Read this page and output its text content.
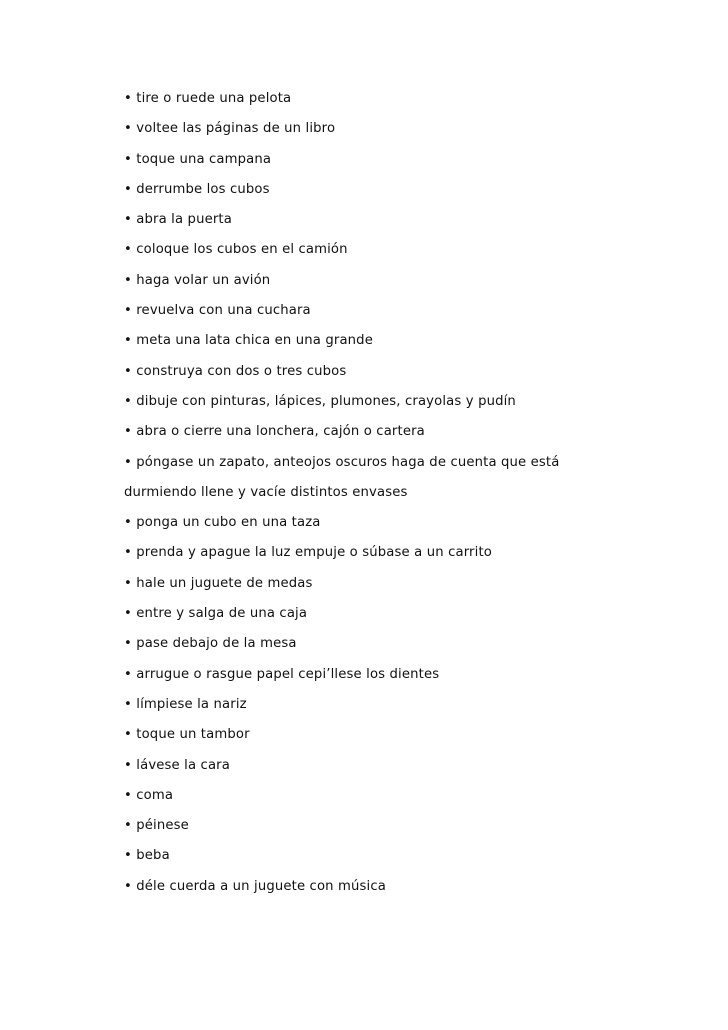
• tire o ruede una pelota
• voltee las páginas de un libro
• toque una campana
• derrumbe los cubos
• abra la puerta
• coloque los cubos en el camión
• haga volar un avión
• revuelva con una cuchara
• meta una lata chica en una grande
• construya con dos o tres cubos
• dibuje con pinturas, lápices, plumones, crayolas y pudín
• abra o cierre una lonchera, cajón o cartera
• póngase un zapato, anteojos oscuros haga de cuenta que está
durmiendo llene y vacíe distintos envases
• ponga un cubo en una taza
• prenda y apague la luz empuje o súbase a un carrito
• hale un juguete de medas
• entre y salga de una caja
• pase debajo de la mesa
• arrugue o rasgue papel cepi’llese los dientes
• límpiese la nariz
• toque un tambor
• lávese la cara
• coma
• péinese
• beba
• déle cuerda a un juguete con música
